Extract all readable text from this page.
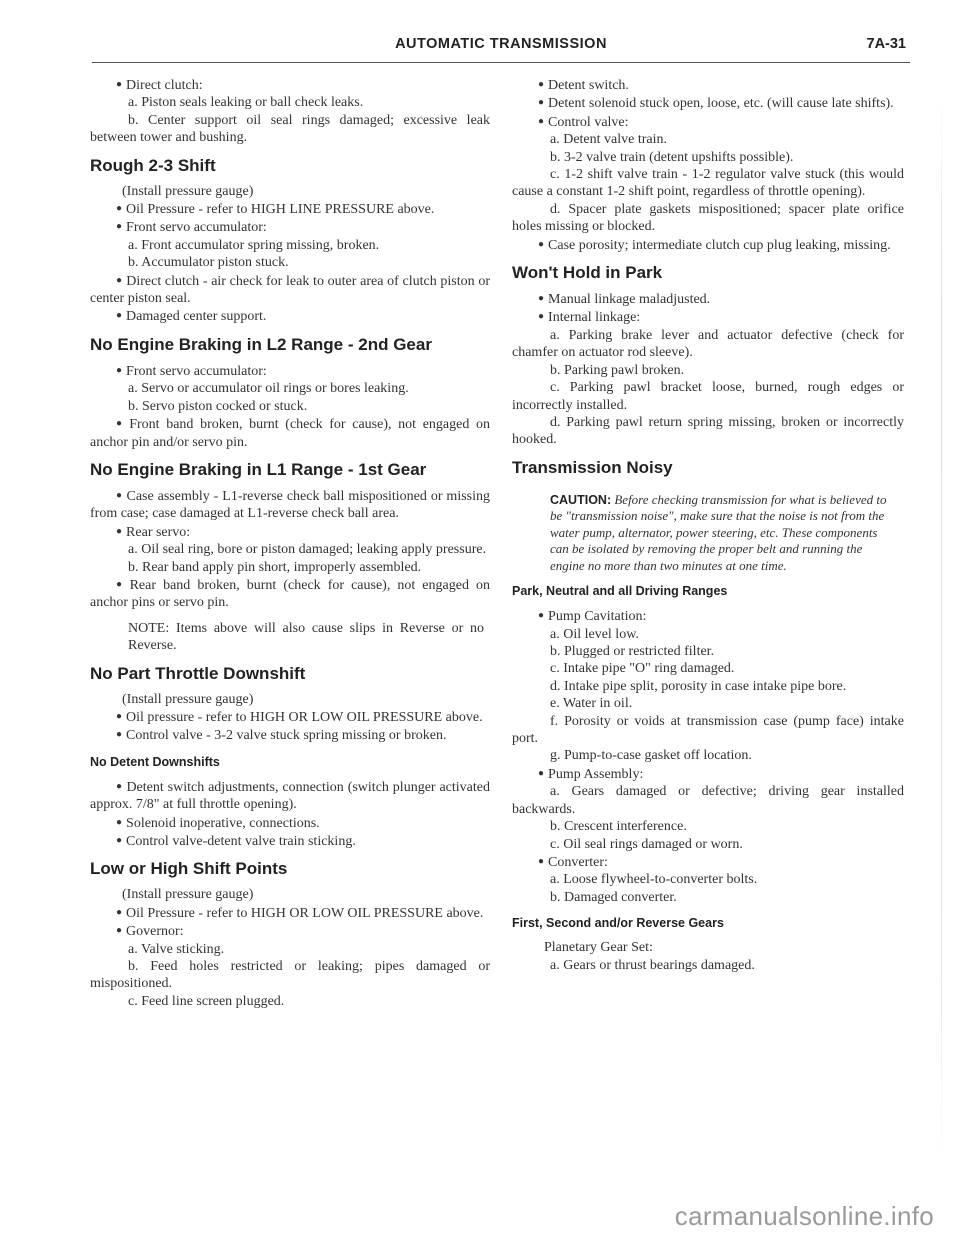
AUTOMATIC TRANSMISSION	7A-31

● Direct clutch:

a. Piston seals leaking or ball check leaks.

b. Center support oil seal rings damaged; excessive leak between tower and bushing.

Rough 2-3 Shift

(Install pressure gauge)

● Oil Pressure - refer to HIGH LINE PRESSURE above.

● Front servo accumulator:

a. Front accumulator spring missing, broken.

b. Accumulator piston stuck.

● Direct clutch - air check for leak to outer area of clutch piston or center piston seal.

● Damaged center support.

No Engine Braking in L2 Range - 2nd Gear

● Front servo accumulator:

a. Servo or accumulator oil rings or bores leaking.

b. Servo piston cocked or stuck.

● Front band broken, burnt (check for cause), not engaged on anchor pin and/or servo pin.

No Engine Braking in L1 Range - 1st Gear

● Case assembly - L1-reverse check ball mispositioned or missing from case; case damaged at L1-reverse check ball area.

● Rear servo:

a. Oil seal ring, bore or piston damaged; leaking apply pressure.

b. Rear band apply pin short, improperly assembled.

● Rear band broken, burnt (check for cause), not engaged on anchor pins or servo pin.

NOTE: Items above will also cause slips in Reverse or no Reverse.

No Part Throttle Downshift

(Install pressure gauge)

● Oil pressure - refer to HIGH OR LOW OIL PRESSURE above.

● Control valve - 3-2 valve stuck spring missing or broken.

No Detent Downshifts

● Detent switch adjustments, connection (switch plunger activated approx. 7/8" at full throttle opening).

● Solenoid inoperative, connections.

● Control valve-detent valve train sticking.

Low or High Shift Points

(Install pressure gauge)

● Oil Pressure - refer to HIGH OR LOW OIL PRESSURE above.

● Governor:

a. Valve sticking.

b. Feed holes restricted or leaking; pipes damaged or mispositioned.

c. Feed line screen plugged.

● Detent switch.

● Detent solenoid stuck open, loose, etc. (will cause late shifts).

● Control valve:

a. Detent valve train.

b. 3-2 valve train (detent upshifts possible).

c. 1-2 shift valve train - 1-2 regulator valve stuck (this would cause a constant 1-2 shift point, regardless of throttle opening).

d. Spacer plate gaskets mispositioned; spacer plate orifice holes missing or blocked.

● Case porosity; intermediate clutch cup plug leaking, missing.

Won't Hold in Park

● Manual linkage maladjusted.

● Internal linkage:

a. Parking brake lever and actuator defective (check for chamfer on actuator rod sleeve).

b. Parking pawl broken.

c. Parking pawl bracket loose, burned, rough edges or incorrectly installed.

d. Parking pawl return spring missing, broken or incorrectly hooked.

Transmission Noisy
CAUTION: Before checking transmission for what is believed to be "transmission noise", make sure that the noise is not from the water pump, alternator, power steering, etc. These components can be isolated by removing the proper belt and running the engine no more than two minutes at one time.
Park, Neutral and all Driving Ranges

● Pump Cavitation:

a. Oil level low.

b. Plugged or restricted filter.

c. Intake pipe "O" ring damaged.

d. Intake pipe split, porosity in case intake pipe bore.

e. Water in oil.

f. Porosity or voids at transmission case (pump face) intake port.

g. Pump-to-case gasket off location.

● Pump Assembly:

a. Gears damaged or defective; driving gear installed backwards.

b. Crescent interference.

c. Oil seal rings damaged or worn.

● Converter:

a. Loose flywheel-to-converter bolts.

b. Damaged converter.

First, Second and/or Reverse Gears

Planetary Gear Set:

a. Gears or thrust bearings damaged.

carmanualsonline.info
